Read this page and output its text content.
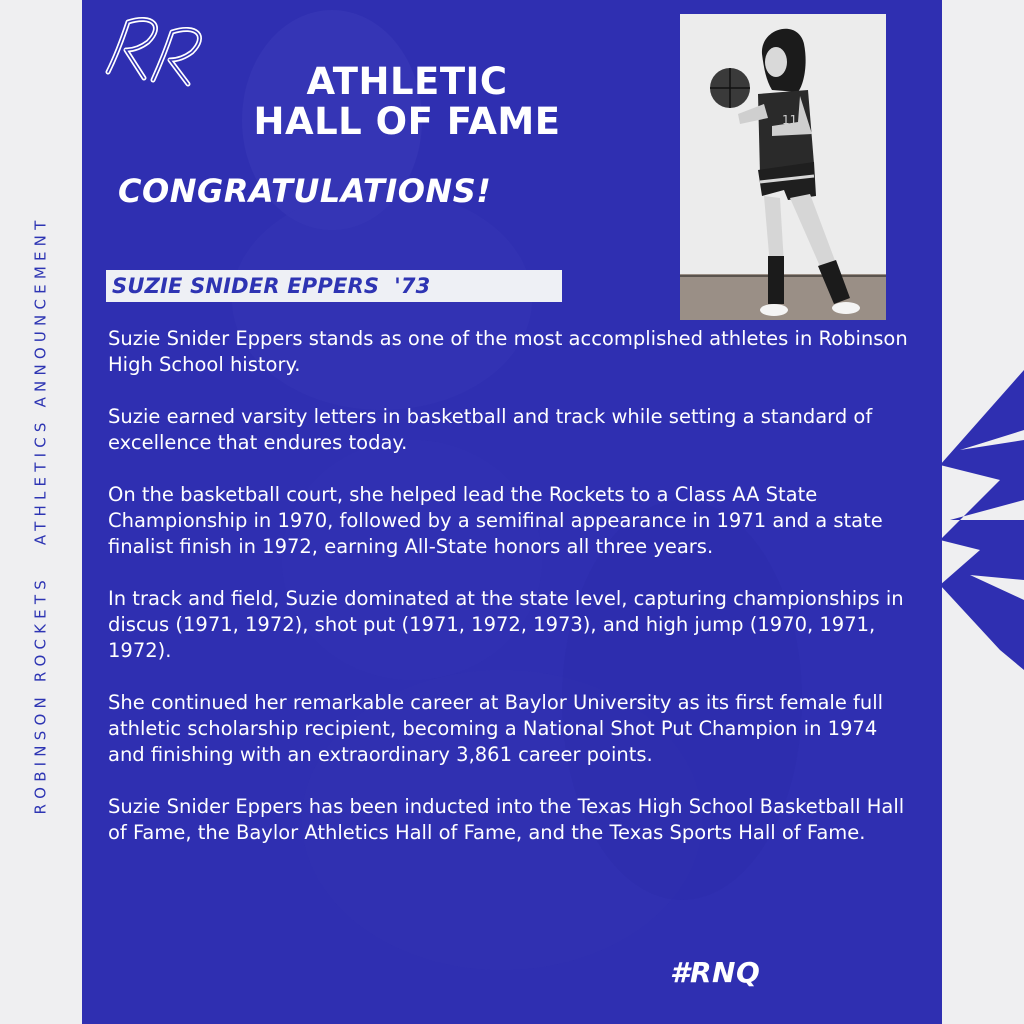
ROBINSON ROCKETS   ATHLETICS ANNOUNCEMENT
ATHLETIC
HALL OF FAME
CONGRATULATIONS!
11
SUZIE SNIDER EPPERS  '73

Suzie Snider Eppers stands as one of the most accomplished athletes in Robinson High School history.

Suzie earned varsity letters in basketball and track while setting a standard of excellence that endures today.

On the basketball court, she helped lead the Rockets to a Class AA State Championship in 1970, followed by a semifinal appearance in 1971 and a state finalist finish in 1972, earning All-State honors all three years.

In track and field, Suzie dominated at the state level, capturing championships in discus (1971, 1972), shot put (1971, 1972, 1973), and high jump (1970, 1971, 1972).

She continued her remarkable career at Baylor University as its first female full athletic scholarship recipient, becoming a National Shot Put Champion in 1974 and finishing with an extraordinary 3,861 career points.

Suzie Snider Eppers has been inducted into the Texas High School Basketball Hall of Fame, the Baylor Athletics Hall of Fame, and the Texas Sports Hall of Fame.

#RNQ
